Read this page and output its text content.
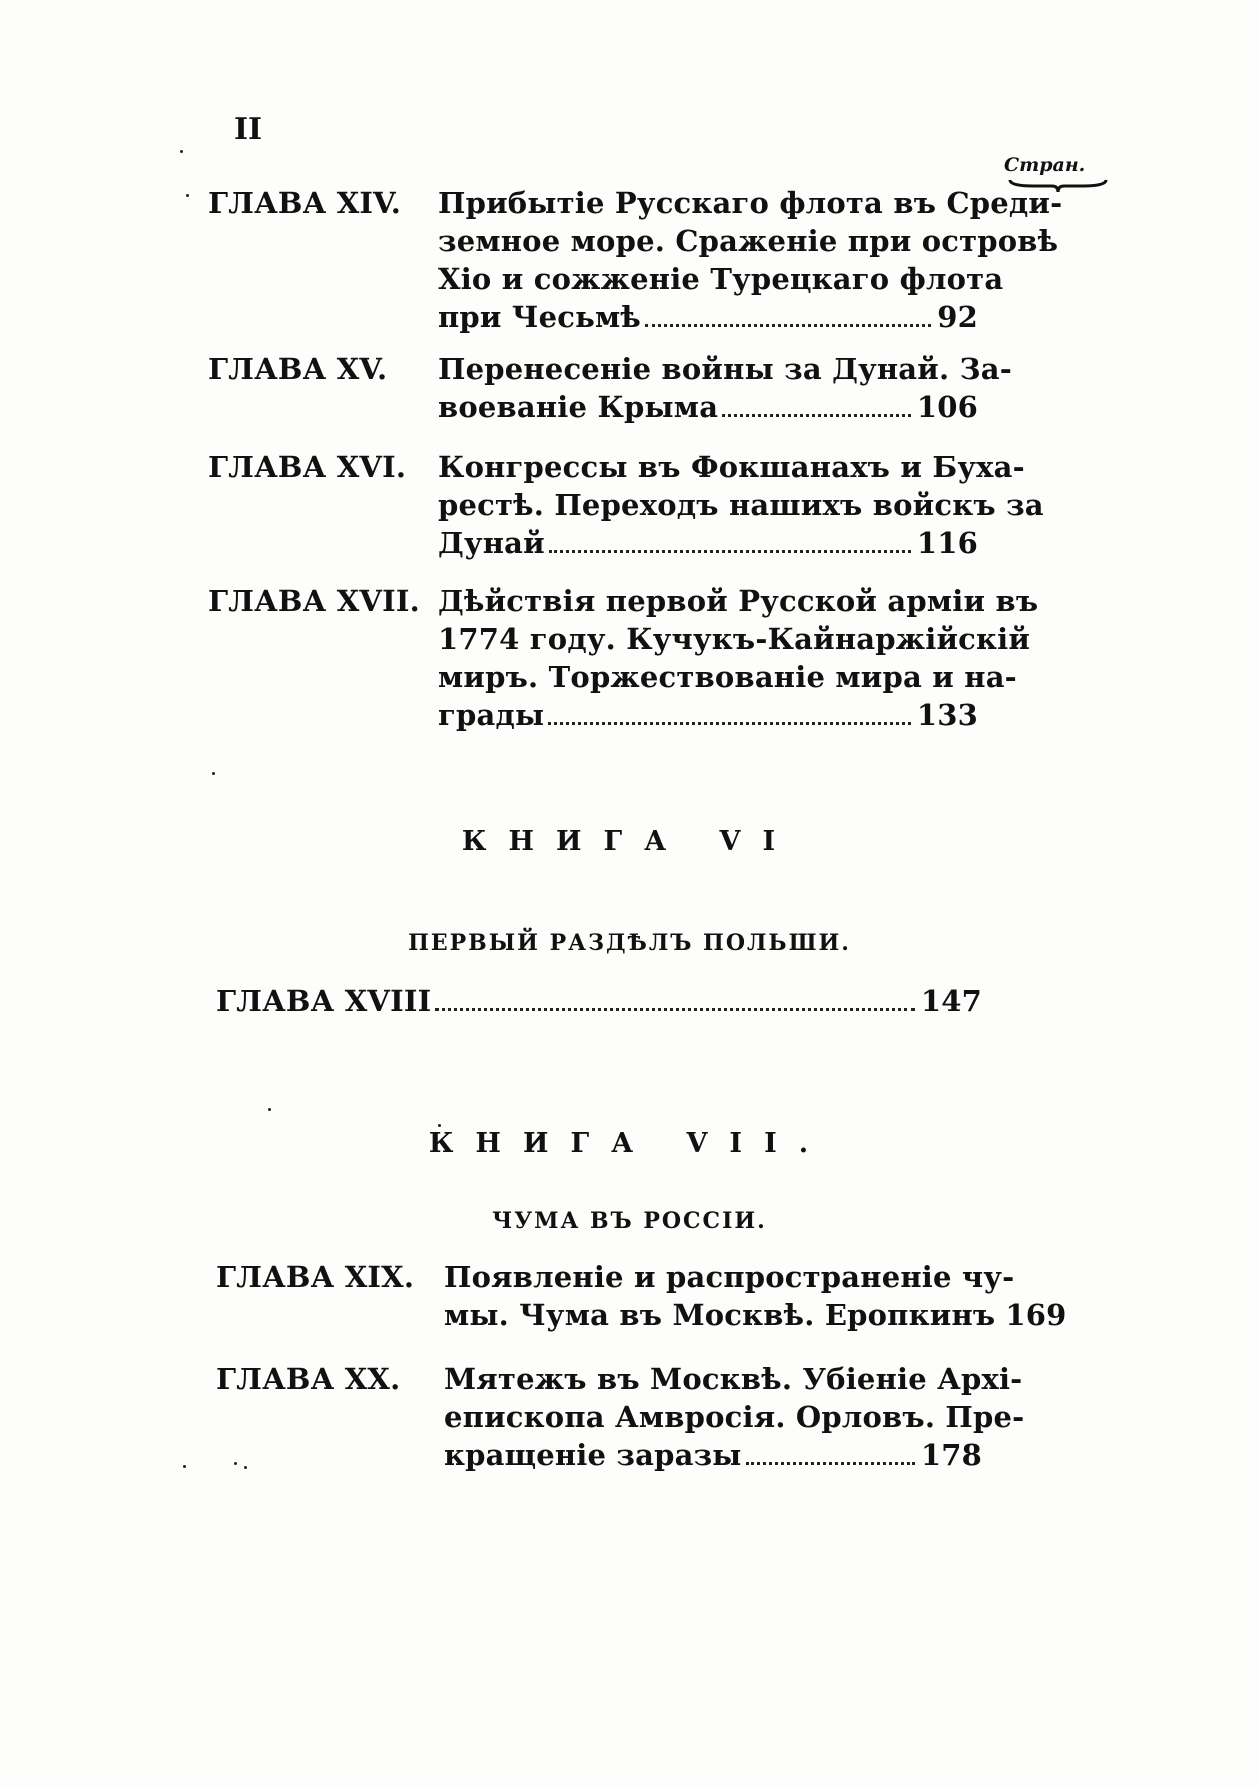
II
Стран.
ГЛАВА XIV. Прибытіе Русскаго флота въ Среди-
земное море. Сраженіе при островѣ
Хіо и сожженіе Турецкаго флота
при Чесьмѣ	92
ГЛАВА XV. Перенесеніе войны за Дунай. За-
воеваніе Крыма	106
ГЛАВА XVI. Конгрессы въ Фокшанахъ и Буха-
рестѣ. Переходъ нашихъ войскъ за
Дунай	116
ГЛАВА XVII. Дѣйствія первой Русской арміи въ
1774 году. Кучукъ-Кайнаржійскій
миръ. Торжествованіе мира и на-
грады	133
КНИГА VI
ПЕРВЫЙ РАЗДѢЛЪ ПОЛЬШИ.
ГЛАВА XVIII	147
КНИГА VII.
ЧУМА ВЪ РОССІИ.
ГЛАВА XIX. Появленіе и распространеніе чу-
мы. Чума въ Москвѣ. Еропкинъ 169
ГЛАВА XX. Мятежъ въ Москвѣ. Убіеніе Архі-
епископа Амвросія. Орловъ. Пре-
кращеніе заразы	178
